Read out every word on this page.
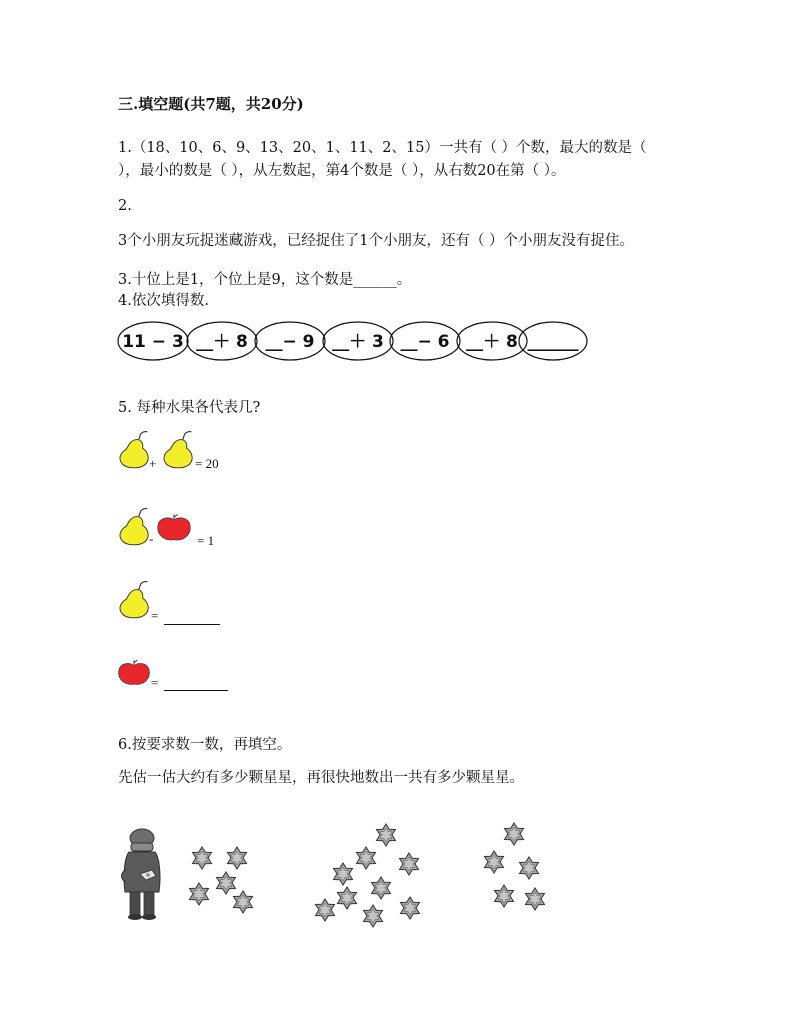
三.填空题(共7题，共20分)
1.（18、10、6、9、13、20、1、11、2、15）一共有（ ）个数，最大的数是（
），最小的数是（ ），从左数起，第4个数是（ ），从右数20在第（ ）。
2.
3个小朋友玩捉迷藏游戏，已经捉住了1个小朋友，还有（ ）个小朋友没有捉住。
3.十位上是1，个位上是9，这个数是______。
4.依次填得数.
11 − 3 __＋ 8 __− 9 __＋ 3 __− 6 __＋ 8 ______
5. 每种水果各代表几?
+	= 20
-	= 1
=
=
6.按要求数一数，再填空。
先估一估大约有多少颗星星，再很快地数出一共有多少颗星星。
